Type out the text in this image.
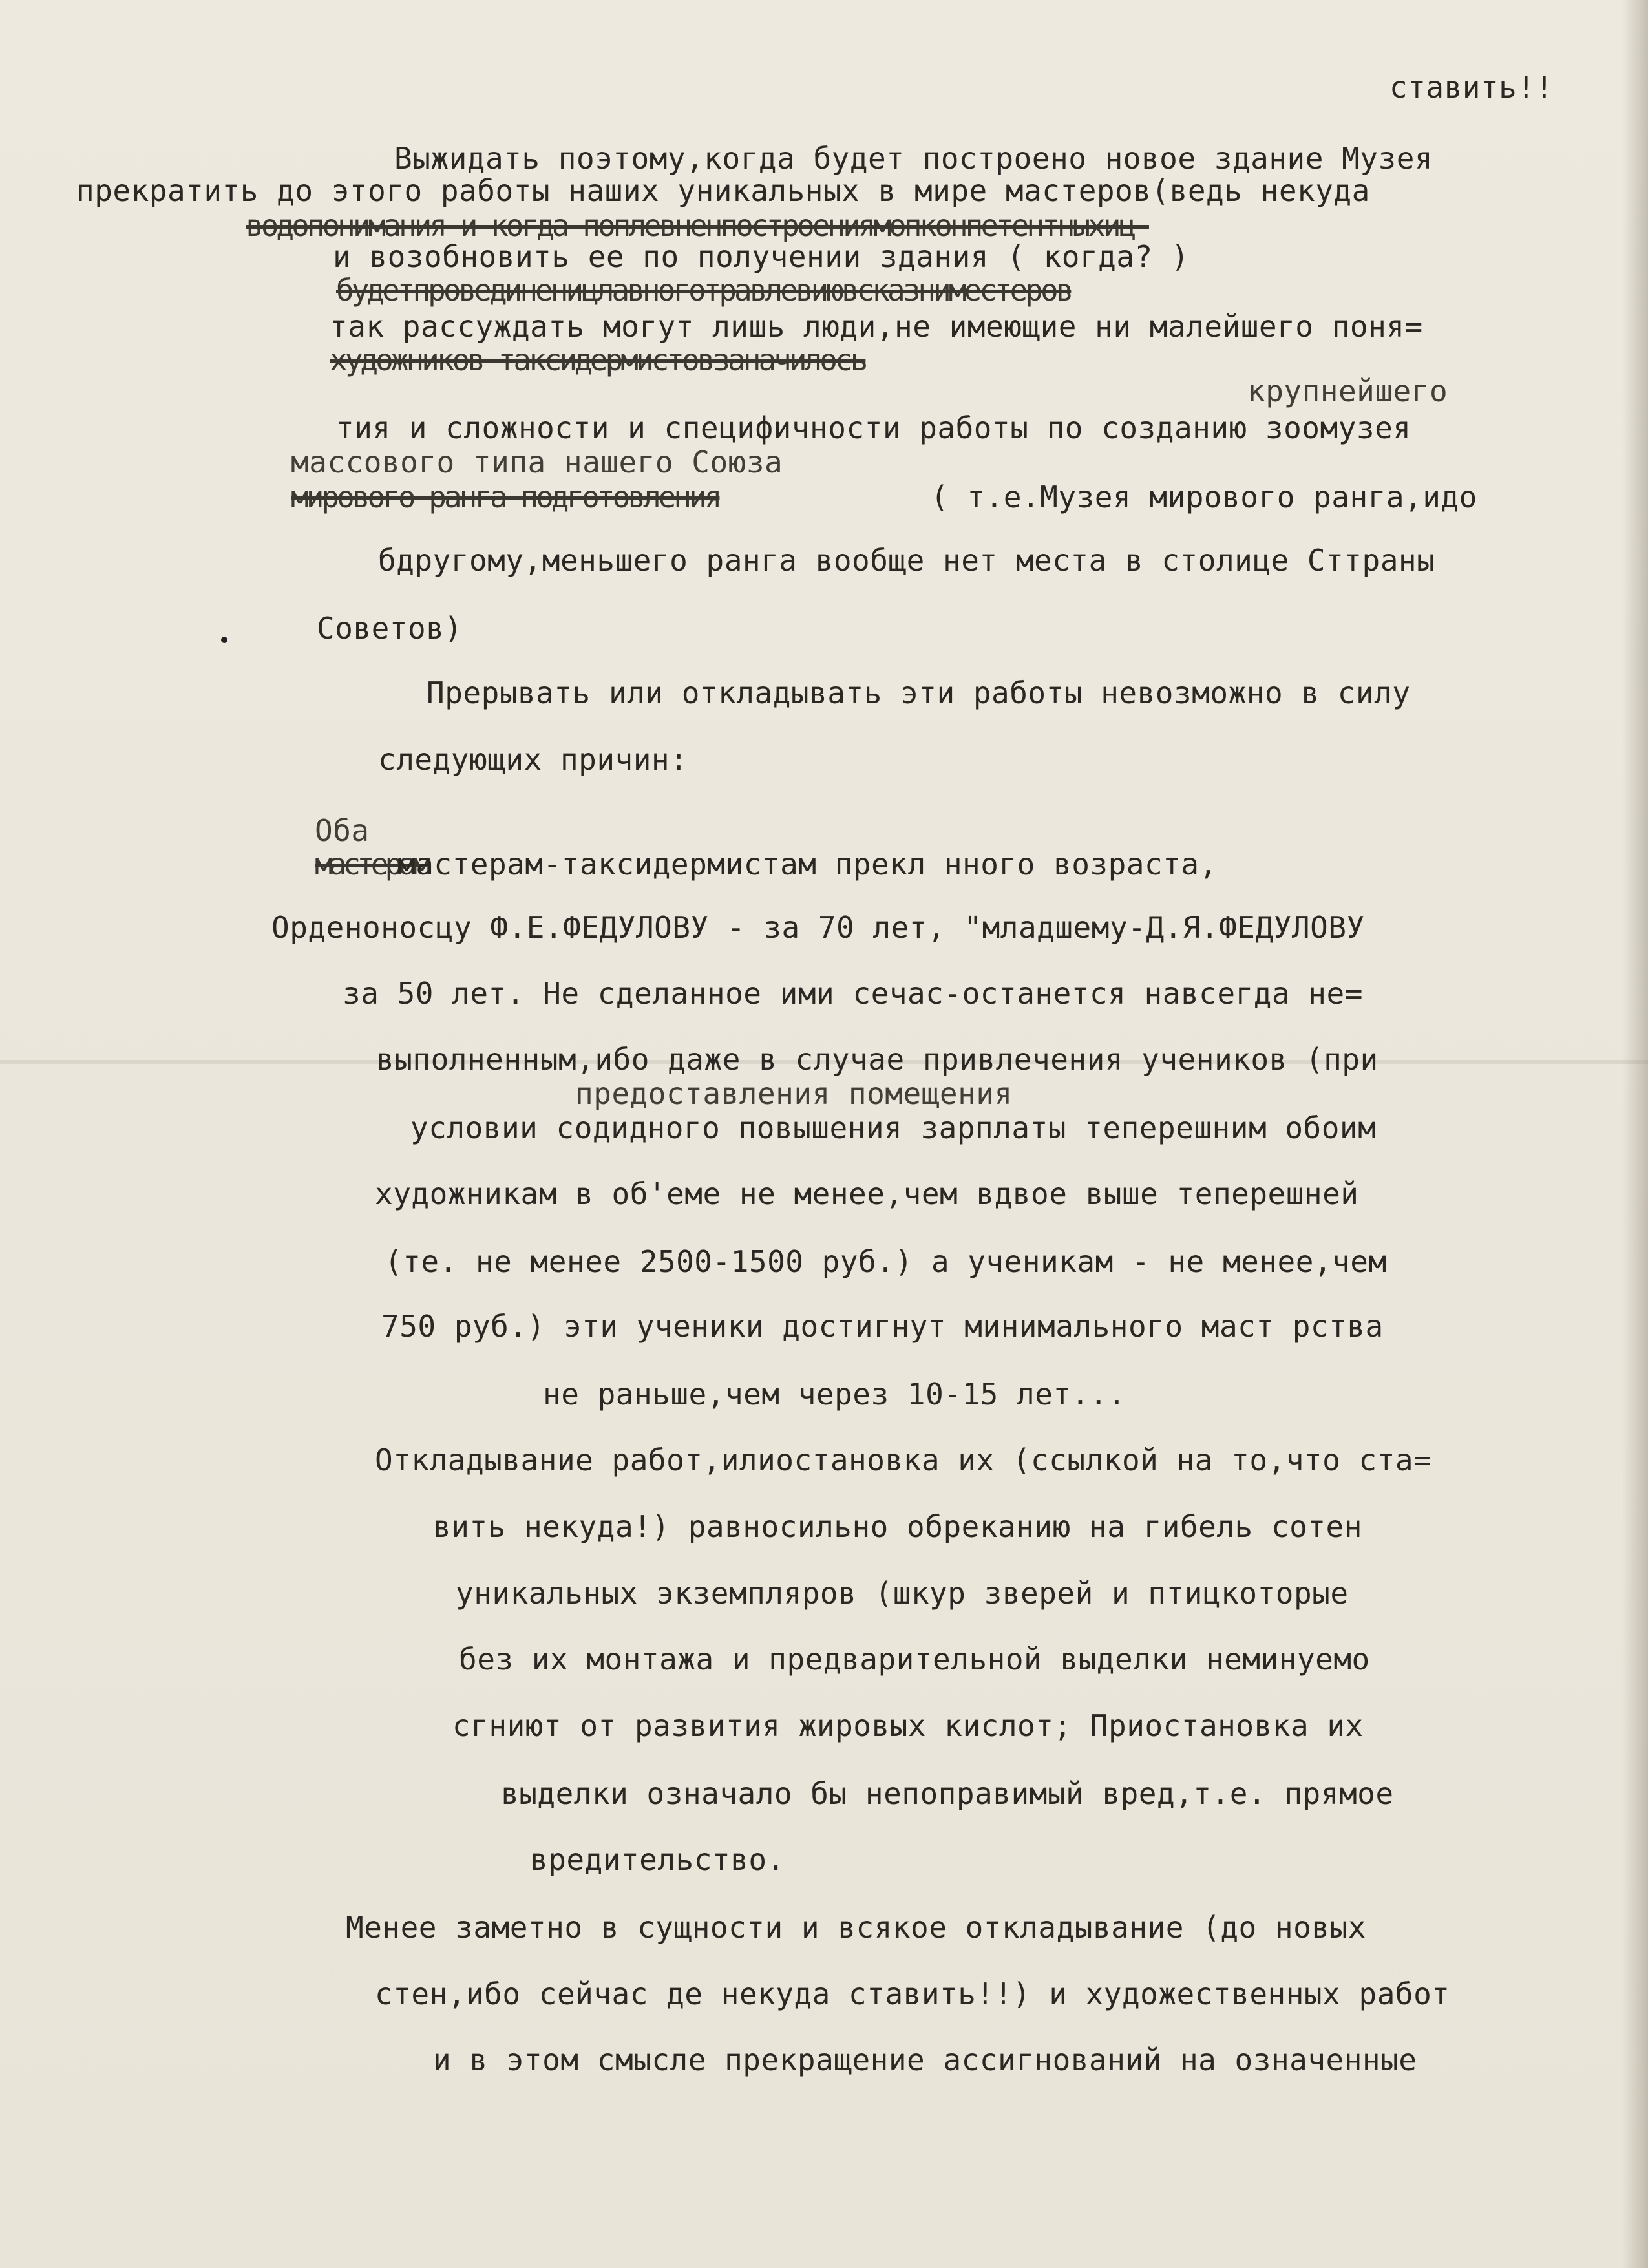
ставить!!
Выжидать поэтому,когда будет построено новое здание Музея
прекратить до этого работы наших уникальных в мире мастеров(ведь некуда
водопонимания и когда поплевненпостроениямопконпетентныхиц-
и возобновить ее по получении здания ( когда? )
будетпровединеницлавноготравлевиювсказниместеров
так рассуждать могут лишь люди,не имеющие ни малейшего поня=
художников-таксидермистовзаначилось
крупнейшего
тия и сложности и специфичности работы по созданию зоомузея
массового типа нашего Союза
мирового ранга подготовления	( т.е.Музея мирового ранга,идо
бдругому,меньшего ранга вообще нет места в столице Сттраны
Советов)
Прерывать или откладывать эти работы невозможно в силу
следующих причин:
Оба
мастерам
мастерам-таксидермистам прекл нного возраста,
Орденоносцу Ф.Е.ФЕДУЛОВУ - за 70 лет, "младшему-Д.Я.ФЕДУЛОВУ
за 50 лет. Не сделанное ими сечас-останется навсегда не=
выполненным,ибо даже в случае привлечения учеников (при
предоставления помещения
условии содидного повышения зарплаты теперешним обоим
художникам в об'еме не менее,чем вдвое выше теперешней
(те. не менее 2500-1500 руб.) а ученикам - не менее,чем
750 руб.) эти ученики достигнут минимального маст рства
не раньше,чем через 10-15 лет...
Откладывание работ,илиостановка их (ссылкой на то,что ста=
вить некуда!) равносильно обреканию на гибель сотен
уникальных экземпляров (шкур зверей и птицкоторые
без их монтажа и предварительной выделки неминуемо
сгниют от развития жировых кислот; Приостановка их
выделки означало бы непоправимый вред,т.е. прямое
вредительство.
Менее заметно в сущности и всякое откладывание (до новых
стен,ибо сейчас де некуда ставить!!) и художественных работ
и в этом смысле прекращение ассигнований на означенные
